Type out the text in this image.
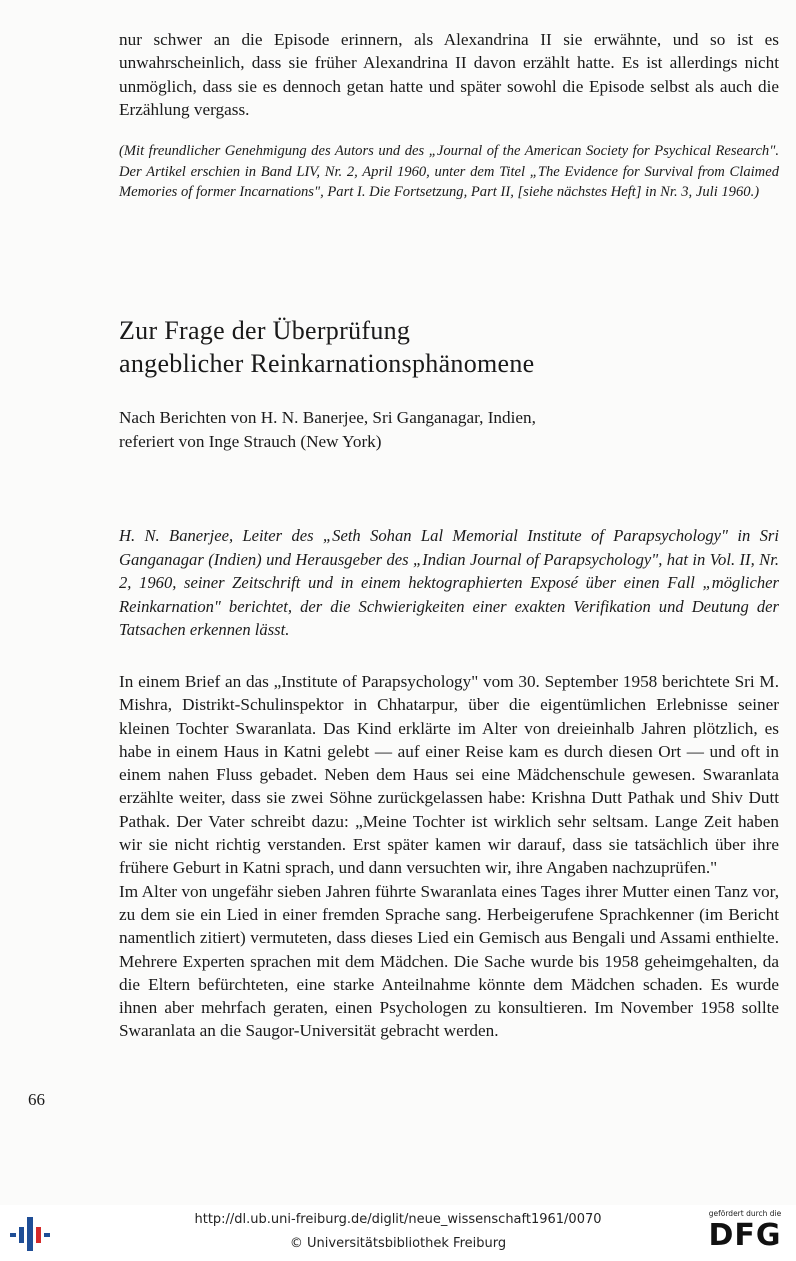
nur schwer an die Episode erinnern, als Alexandrina II sie erwähnte, und so ist es unwahrscheinlich, dass sie früher Alexandrina II davon erzählt hatte. Es ist allerdings nicht unmöglich, dass sie es dennoch getan hatte und später sowohl die Episode selbst als auch die Erzählung vergass.

(Mit freundlicher Genehmigung des Autors und des „Journal of the American Society for Psychical Research". Der Artikel erschien in Band LIV, Nr. 2, April 1960, unter dem Titel „The Evidence for Survival from Claimed Memories of former Incarnations", Part I. Die Fortsetzung, Part II, [siehe nächstes Heft] in Nr. 3, Juli 1960.)

Zur Frage der Überprüfung

angeblicher Reinkarnationsphänomene

Nach Berichten von H. N. Banerjee, Sri Ganganagar, Indien,

referiert von Inge Strauch (New York)

H. N. Banerjee, Leiter des „Seth Sohan Lal Memorial Institute of Parapsychology" in Sri Ganganagar (Indien) und Herausgeber des „Indian Journal of Parapsychology", hat in Vol. II, Nr. 2, 1960, seiner Zeitschrift und in einem hektographierten Exposé über einen Fall „möglicher Reinkarnation" berichtet, der die Schwierigkeiten einer exakten Verifikation und Deutung der Tatsachen erkennen lässt.

In einem Brief an das „Institute of Parapsychology" vom 30. September 1958 berichtete Sri M. Mishra, Distrikt-Schulinspektor in Chhatarpur, über die eigentümlichen Erlebnisse seiner kleinen Tochter Swaranlata. Das Kind erklärte im Alter von dreieinhalb Jahren plötzlich, es habe in einem Haus in Katni gelebt — auf einer Reise kam es durch diesen Ort — und oft in einem nahen Fluss gebadet. Neben dem Haus sei eine Mädchenschule gewesen. Swaranlata erzählte weiter, dass sie zwei Söhne zurückgelassen habe: Krishna Dutt Pathak und Shiv Dutt Pathak. Der Vater schreibt dazu: „Meine Tochter ist wirklich sehr seltsam. Lange Zeit haben wir sie nicht richtig verstanden. Erst später kamen wir darauf, dass sie tatsächlich über ihre frühere Geburt in Katni sprach, und dann versuchten wir, ihre Angaben nachzuprüfen."

Im Alter von ungefähr sieben Jahren führte Swaranlata eines Tages ihrer Mutter einen Tanz vor, zu dem sie ein Lied in einer fremden Sprache sang. Herbeigerufene Sprachkenner (im Bericht namentlich zitiert) vermuteten, dass dieses Lied ein Gemisch aus Bengali und Assami enthielte. Mehrere Experten sprachen mit dem Mädchen. Die Sache wurde bis 1958 geheimgehalten, da die Eltern befürchteten, eine starke Anteilnahme könnte dem Mädchen schaden. Es wurde ihnen aber mehrfach geraten, einen Psychologen zu konsultieren. Im November 1958 sollte Swaranlata an die Saugor-Universität gebracht werden.

66
http://dl.ub.uni-freiburg.de/diglit/neue_wissenschaft1961/0070
© Universitätsbibliothek Freiburg
gefördert durch die
DFG
